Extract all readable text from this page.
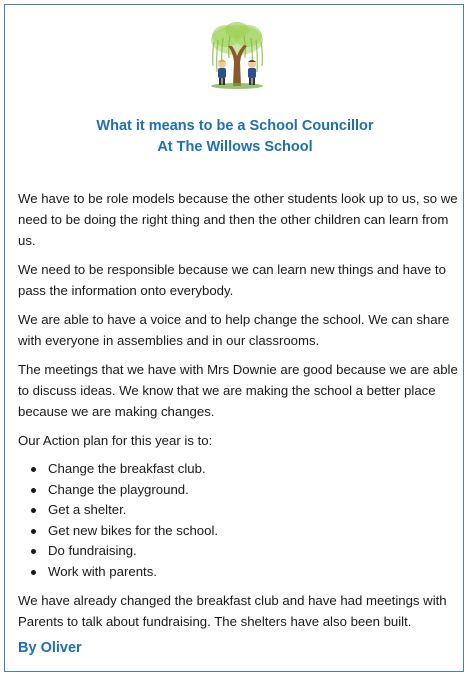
What it means to be a School Councillor
At The Willows School

We have to be role models because the other students look up to us, so we need to be doing the right thing and then the other children can learn from us.

We need to be responsible because we can learn new things and have to pass the information onto everybody.

We are able to have a voice and to help change the school. We can share with everyone in assemblies and in our classrooms.

The meetings that we have with Mrs Downie are good because we are able to discuss ideas. We know that we are making the school a better place because we are making changes.

Our Action plan for this year is to:

Change the breakfast club.
Change the playground.
Get a shelter.
Get new bikes for the school.
Do fundraising.
Work with parents.

We have already changed the breakfast club and have had meetings with Parents to talk about fundraising. The shelters have also been built.

By Oliver
